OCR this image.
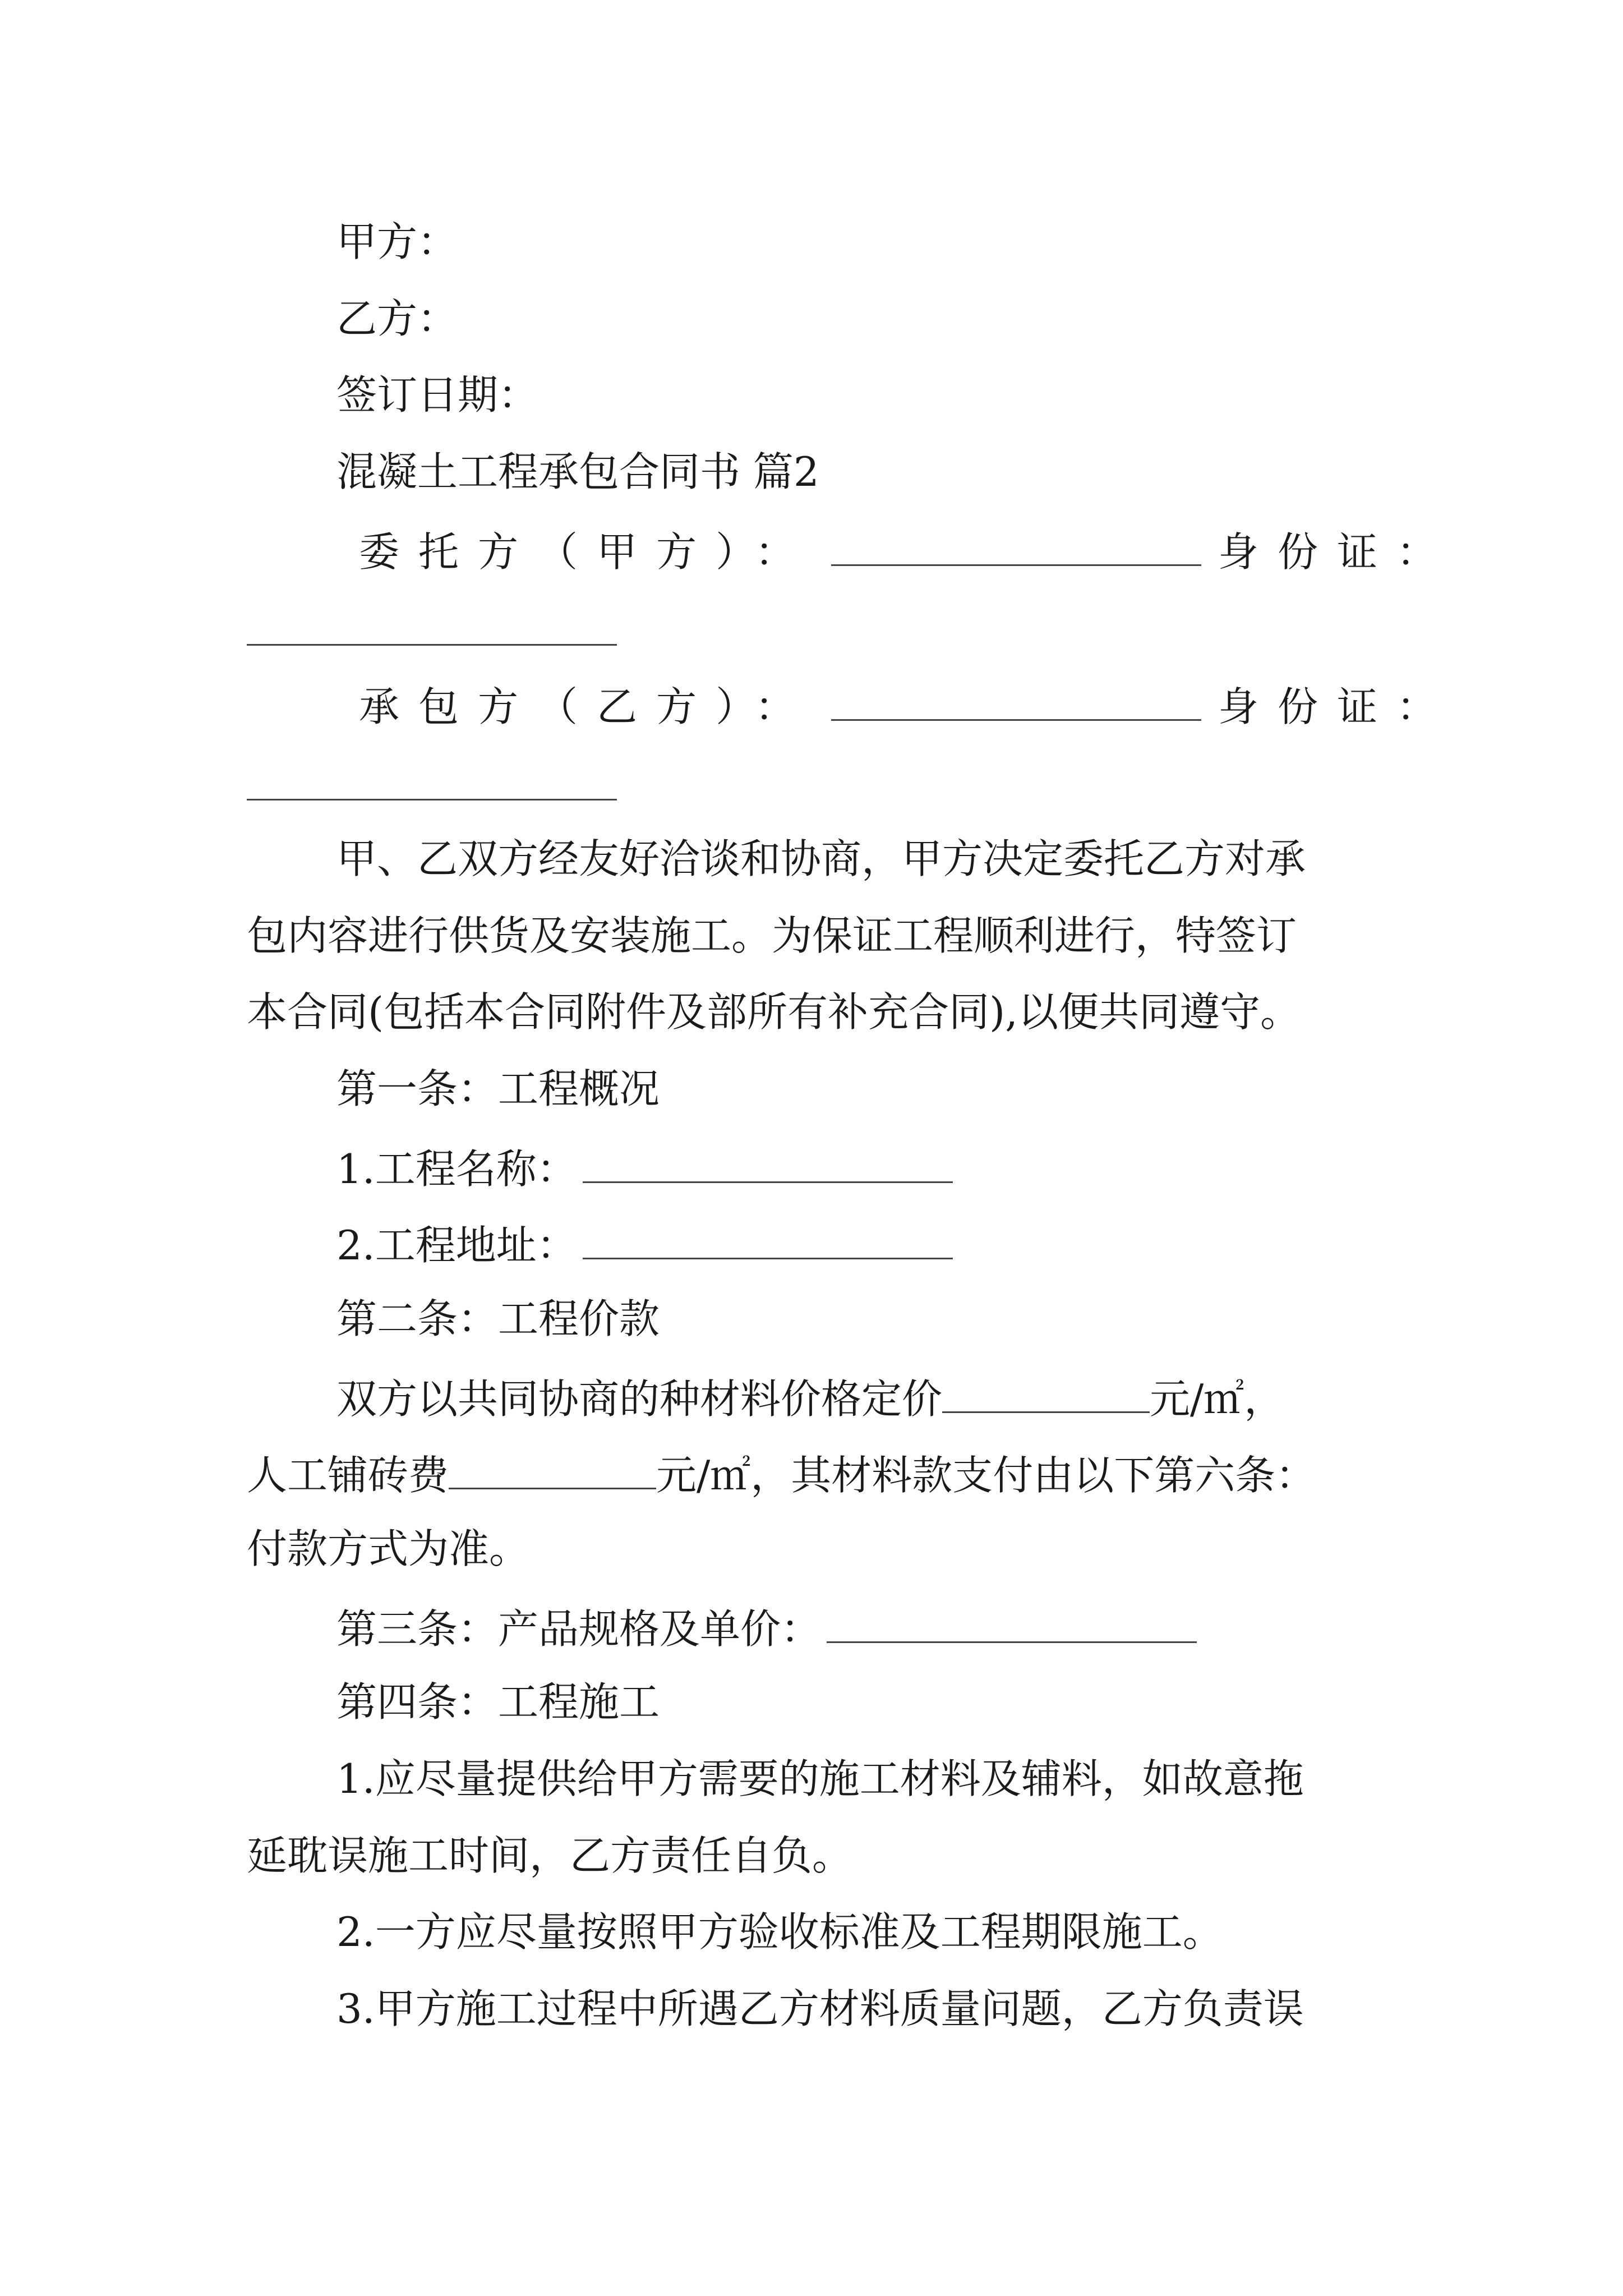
甲方：
乙方：
签订日期：
混凝土工程承包合同书 篇2
委托方（甲方）：	身份证：
承包方（乙方）：	身份证：
甲、乙双方经友好洽谈和协商，甲方决定委托乙方对承
包内容进行供货及安装施工。为保证工程顺利进行，特签订
本合同(包括本合同附件及部所有补充合同),以便共同遵守。
第一条：工程概况
1.工程名称：
2.工程地址：
第二条：工程价款
双方以共同协商的种材料价格定价	元/㎡，
人工铺砖费	元/㎡，其材料款支付由以下第六条：
付款方式为准。
第三条：产品规格及单价：
第四条：工程施工
1.应尽量提供给甲方需要的施工材料及辅料，如故意拖
延耽误施工时间，乙方责任自负。
2.一方应尽量按照甲方验收标准及工程期限施工。
3.甲方施工过程中所遇乙方材料质量问题，乙方负责误
